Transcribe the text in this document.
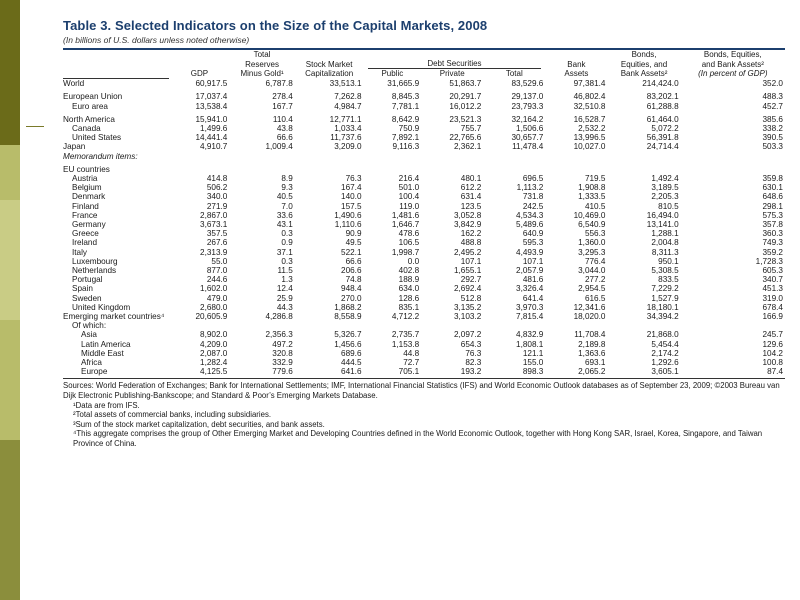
Table 3. Selected Indicators on the Size of the Capital Markets, 2008
(In billions of U.S. dollars unless noted otherwise)
		Total						Bonds,	Bonds, Equities,
		Reserves	Stock Market	Debt Securities			Bank	Equities, and	and Bank Assets²
	GDP	Minus Gold¹	Capitalization	Public	Private	Total	Assets	Bank Assets²	(In percent of GDP)
World	60,917.5	6,787.8	33,513.1	31,665.9	51,863.7	83,529.6	97,381.4	214,424.0	352.0

European Union	17,037.4	278.4	7,262.8	8,845.3	20,291.7	29,137.0	46,802.4	83,202.1	488.3
Euro area	13,538.4	167.7	4,984.7	7,781.1	16,012.2	23,793.3	32,510.8	61,288.8	452.7

North America	15,941.0	110.4	12,771.1	8,642.9	23,521.3	32,164.2	16,528.7	61,464.0	385.6
Canada	1,499.6	43.8	1,033.4	750.9	755.7	1,506.6	2,532.2	5,072.2	338.2
United States	14,441.4	66.6	11,737.6	7,892.1	22,765.6	30,657.7	13,996.5	56,391.8	390.5
Japan	4,910.7	1,009.4	3,209.0	9,116.3	2,362.1	11,478.4	10,027.0	24,714.4	503.3
Memorandum items:									

EU countries									
Austria	414.8	8.9	76.3	216.4	480.1	696.5	719.5	1,492.4	359.8
Belgium	506.2	9.3	167.4	501.0	612.2	1,113.2	1,908.8	3,189.5	630.1
Denmark	340.0	40.5	140.0	100.4	631.4	731.8	1,333.5	2,205.3	648.6
Finland	271.9	7.0	157.5	119.0	123.5	242.5	410.5	810.5	298.1
France	2,867.0	33.6	1,490.6	1,481.6	3,052.8	4,534.3	10,469.0	16,494.0	575.3
Germany	3,673.1	43.1	1,110.6	1,646.7	3,842.9	5,489.6	6,540.9	13,141.0	357.8
Greece	357.5	0.3	90.9	478.6	162.2	640.9	556.3	1,288.1	360.3
Ireland	267.6	0.9	49.5	106.5	488.8	595.3	1,360.0	2,004.8	749.3
Italy	2,313.9	37.1	522.1	1,998.7	2,495.2	4,493.9	3,295.3	8,311.3	359.2
Luxembourg	55.0	0.3	66.6	0.0	107.1	107.1	776.4	950.1	1,728.3
Netherlands	877.0	11.5	206.6	402.8	1,655.1	2,057.9	3,044.0	5,308.5	605.3
Portugal	244.6	1.3	74.8	188.9	292.7	481.6	277.2	833.5	340.7
Spain	1,602.0	12.4	948.4	634.0	2,692.4	3,326.4	2,954.5	7,229.2	451.3
Sweden	479.0	25.9	270.0	128.6	512.8	641.4	616.5	1,527.9	319.0
United Kingdom	2,680.0	44.3	1,868.2	835.1	3,135.2	3,970.3	12,341.6	18,180.1	678.4
Emerging market countries⁴	20,605.9	4,286.8	8,558.9	4,712.2	3,103.2	7,815.4	18,020.0	34,394.2	166.9
Of which:									
Asia	8,902.0	2,356.3	5,326.7	2,735.7	2,097.2	4,832.9	11,708.4	21,868.0	245.7
Latin America	4,209.0	497.2	1,456.6	1,153.8	654.3	1,808.1	2,189.8	5,454.4	129.6
Middle East	2,087.0	320.8	689.6	44.8	76.3	121.1	1,363.6	2,174.2	104.2
Africa	1,282.4	332.9	444.5	72.7	82.3	155.0	693.1	1,292.6	100.8
Europe	4,125.5	779.6	641.6	705.1	193.2	898.3	2,065.2	3,605.1	87.4
Sources: World Federation of Exchanges; Bank for International Settlements; IMF, International Financial Statistics (IFS) and World Economic Outlook databases as of September 23, 2009; ©2003 Bureau van Dijk Electronic Publishing-Bankscope; and Standard & Poor’s Emerging Markets Database.
¹Data are from IFS.
²Total assets of commercial banks, including subsidiaries.
³Sum of the stock market capitalization, debt securities, and bank assets.
⁴This aggregate comprises the group of Other Emerging Market and Developing Countries defined in the World Economic Outlook, together with Hong Kong SAR, Israel, Korea, Singapore, and Taiwan Province of China.
